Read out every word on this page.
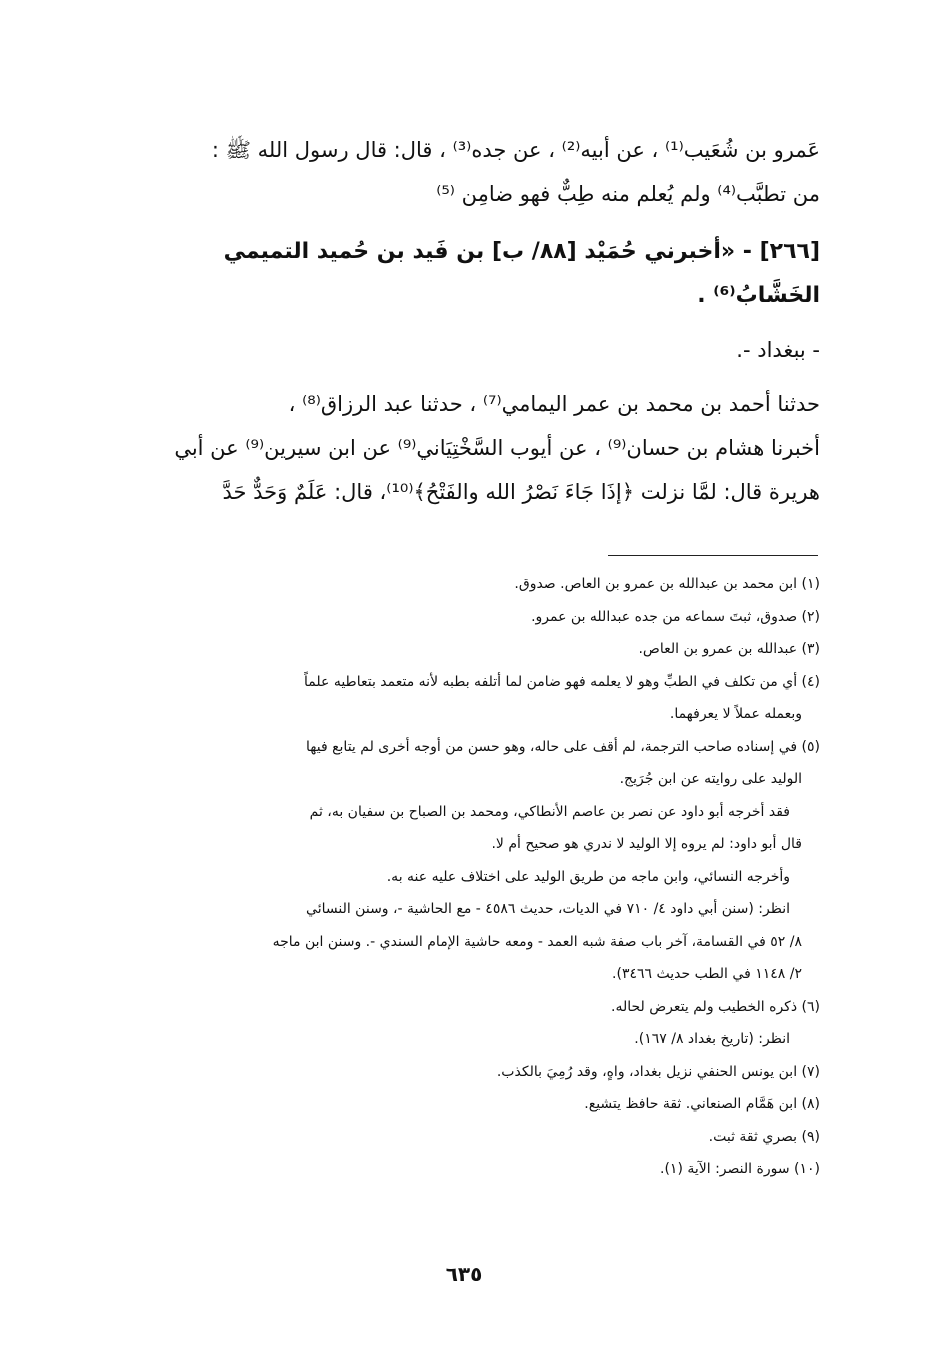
عَمرو بن شُعَيب⁽¹⁾ ، عن أبيه⁽²⁾ ، عن جده⁽³⁾ ، قال: قال رسول الله ﷺ :

من تطبَّب⁽⁴⁾ ولم يُعلم منه طِبٌّ فهو ضامِن ⁽⁵⁾

[٢٦٦] - «أخبرني حُمَيْد [٨٨/ ب] بن فَيد بن حُميد التميمي

الخَشَّابُ⁽⁶⁾ .

- ببغداد -.

حدثنا أحمد بن محمد بن عمر اليمامي⁽⁷⁾ ، حدثنا عبد الرزاق⁽⁸⁾ ،

أخبرنا هشام بن حسان⁽⁹⁾ ، عن أيوب السَّخْتِيَاني⁽⁹⁾ عن ابن سيرين⁽⁹⁾ عن أبي

هريرة قال: لمَّا نزلت ﴿إذَا جَاءَ نَصْرُ الله والفَتْحُ﴾⁽¹⁰⁾، قال: عَلَمٌ وَحَدٌّ حَدَّ

(١) ابن محمد بن عبدالله بن عمرو بن العاص. صدوق.

(٢) صدوق، ثبتَ سماعه من جده عبدالله بن عمرو.

(٣) عبدالله بن عمرو بن العاص.

(٤) أي من تكلف في الطبِّ وهو لا يعلمه فهو ضامن لما أتلفه بطبه لأنه متعمد بتعاطيه علماً

وبعمله عملاً لا يعرفهما.

(٥) في إسناده صاحب الترجمة، لم أقف على حاله، وهو حسن من أوجه أخرى لم يتابع فيها

الوليد على روايته عن ابن جُرَيج.

فقد أخرجه أبو داود عن نصر بن عاصم الأنطاكي، ومحمد بن الصباح بن سفيان به، ثم

قال أبو داود: لم يروه إلا الوليد لا ندري هو صحيح أم لا.

وأخرجه النسائي، وابن ماجه من طريق الوليد على اختلاف عليه عنه به.

انظر: (سنن أبي داود ٤/ ٧١٠ في الديات، حديث ٤٥٨٦ - مع الحاشية -، وسنن النسائي

٨/ ٥٢ في القسامة، آخر باب صفة شبه العمد - ومعه حاشية الإمام السندي -. وسنن ابن ماجه

٢/ ١١٤٨ في الطب حديث ٣٤٦٦).

(٦) ذكره الخطيب ولم يتعرض لحاله.

انظر: (تاريخ بغداد ٨/ ١٦٧).

(٧) ابن يونس الحنفي نزيل بغداد، واهٍ، وقد رُمِيَ بالكذب.

(٨) ابن هَمَّام الصنعاني. ثقة حافظ يتشيع.

(٩) بصري ثقة ثبت.

(١٠) سورة النصر: الآية (١).

٦٣٥
